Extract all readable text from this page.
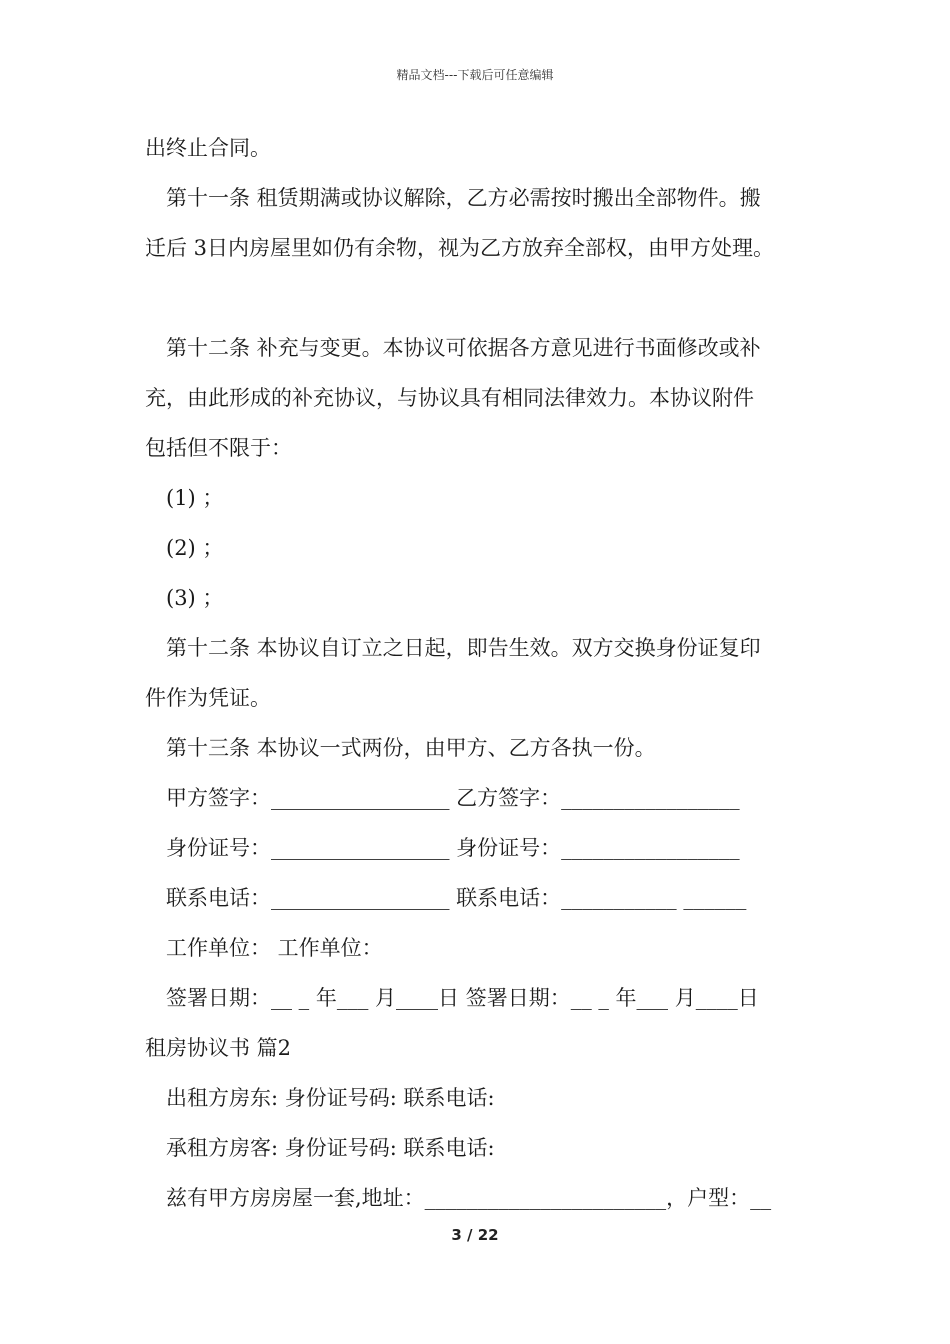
精品文档---下载后可任意编辑
出终止合同。
第十一条 租赁期满或协议解除，乙方必需按时搬出全部物件。搬
迁后 3日内房屋里如仍有余物，视为乙方放弃全部权，由甲方处理。
第十二条 补充与变更。本协议可依据各方意见进行书面修改或补
充，由此形成的补充协议，与协议具有相同法律效力。本协议附件
包括但不限于：
(1) ；
(2) ；
(3) ；
第十二条 本协议自订立之日起，即告生效。双方交换身份证复印
件作为凭证。
第十三条 本协议一式两份，由甲方、乙方各执一份。
甲方签字：_________________ 乙方签字：_________________
身份证号：_________________ 身份证号：_________________
联系电话：_________________ 联系电话：___________ ______
工作单位： 工作单位：
签署日期：__ _ 年___ 月____日 签署日期：__ _ 年___ 月____日
租房协议书 篇2
出租方房东: 身份证号码: 联系电话:
承租方房客: 身份证号码: 联系电话:
兹有甲方房房屋一套,地址：_______________________，户型：__
3 / 22
